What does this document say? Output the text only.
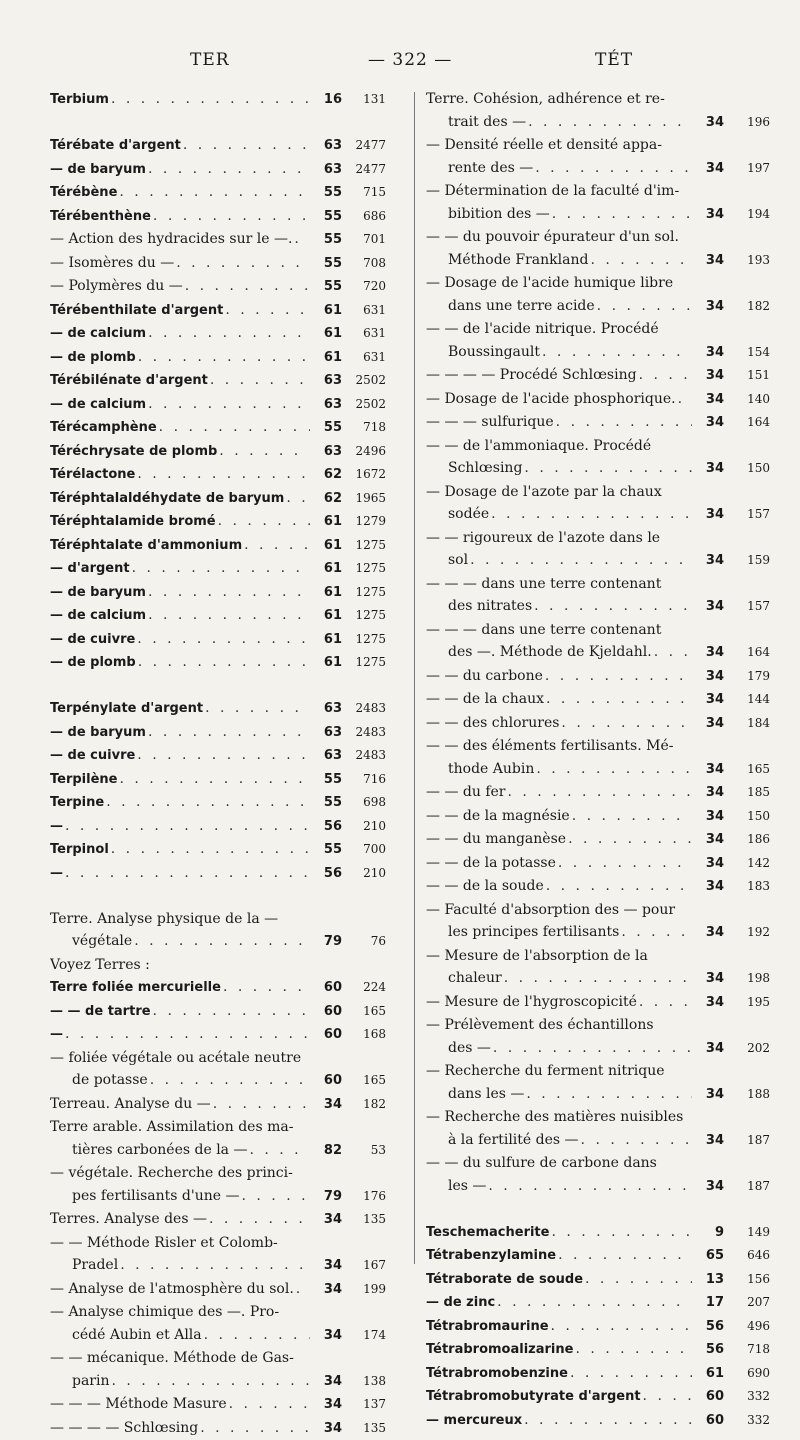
TER	— 322 —	TÉT
Terbium . . .	16	131
Térébate d'argent . . .	63	2477
— de baryum . . .	63	2477
Térébène . . .	55	715
Térébenthène . . .	55	686
— Action des hydracides sur le —. . . .	55	701
— Isomères du — . . .	55	708
— Polymères du — . . .	55	720
Térébenthilate d'argent . . .	61	631
— de calcium . . .	61	631
— de plomb . . .	61	631
Térébilénate d'argent . . .	63	2502
— de calcium . . .	63	2502
Térécamphène . . .	55	718
Téréchrysate de plomb . . .	63	2496
Térélactone . . .	62	1672
Téréphtalaldéhydate de baryum . . .	62	1965
Téréphtalamide bromé . . .	61	1279
Téréphtalate d'ammonium . . .	61	1275
— d'argent . . .	61	1275
— de baryum . . .	61	1275
— de calcium . . .	61	1275
— de cuivre . . .	61	1275
— de plomb . . .	61	1275
Terpénylate d'argent . . .	63	2483
— de baryum . . .	63	2483
— de cuivre . . .	63	2483
Terpilène . . .	55	716
Terpine . . .	55	698
— . . .	56	210
Terpinol . . .	55	700
— . . .	56	210
Terre. Analyse physique de la —
végétale . . .	79	76
Voyez Terres :
Terre foliée mercurielle . . .	60	224
— — de tartre . . .	60	165
— . . .	60	168
— foliée végétale ou acétale neutre
de potasse . . .	60	165
Terreau. Analyse du — . . .	34	182
Terre arable. Assimilation des ma-
tières carbonées de la — . . .	82	53
— végétale. Recherche des princi-
pes fertilisants d'une — . . .	79	176
Terres. Analyse des — . . .	34	135
— — Méthode Risler et Colomb-
Pradel . . .	34	167
— Analyse de l'atmosphère du sol. . . .	34	199
— Analyse chimique des —. Pro-
cédé Aubin et Alla . . .	34	174
— — mécanique. Méthode de Gas-
parin . . .	34	138
— — — Méthode Masure . . .	34	137
— — — — Schlœsing . . .	34	135
Terre. Cohésion, adhérence et re-
trait des — . . .	34	196
— Densité réelle et densité appa-
rente des — . . .	34	197
— Détermination de la faculté d'im-
bibition des — . . .	34	194
— — du pouvoir épurateur d'un sol.
Méthode Frankland . . .	34	193
— Dosage de l'acide humique libre
dans une terre acide . . .	34	182
— — de l'acide nitrique. Procédé
Boussingault . . .	34	154
— — — — Procédé Schlœsing . . .	34	151
— Dosage de l'acide phosphorique. . . .	34	140
— — — sulfurique . . .	34	164
— — de l'ammoniaque. Procédé
Schlœsing . . .	34	150
— Dosage de l'azote par la chaux
sodée . . .	34	157
— — rigoureux de l'azote dans le
sol . . .	34	159
— — — dans une terre contenant
des nitrates . . .	34	157
— — — dans une terre contenant
des —. Méthode de Kjeldahl. . . .	34	164
— — du carbone . . .	34	179
— — de la chaux . . .	34	144
— — des chlorures . . .	34	184
— — des éléments fertilisants. Mé-
thode Aubin . . .	34	165
— — du fer . . .	34	185
— — de la magnésie . . .	34	150
— — du manganèse . . .	34	186
— — de la potasse . . .	34	142
— — de la soude . . .	34	183
— Faculté d'absorption des — pour
les principes fertilisants . . .	34	192
— Mesure de l'absorption de la
chaleur . . .	34	198
— Mesure de l'hygroscopicité . . .	34	195
— Prélèvement des échantillons
des — . . .	34	202
— Recherche du ferment nitrique
dans les — . . .	34	188
— Recherche des matières nuisibles
à la fertilité des — . . .	34	187
— — du sulfure de carbone dans
les — . . .	34	187
Teschemacherite . . .	9	149
Tétrabenzylamine . . .	65	646
Tétraborate de soude . . .	13	156
— de zinc . . .	17	207
Tétrabromaurine . . .	56	496
Tétrabromoalizarine . . .	56	718
Tétrabromobenzine . . .	61	690
Tétrabromobutyrate d'argent . . .	60	332
— mercureux . . .	60	332
